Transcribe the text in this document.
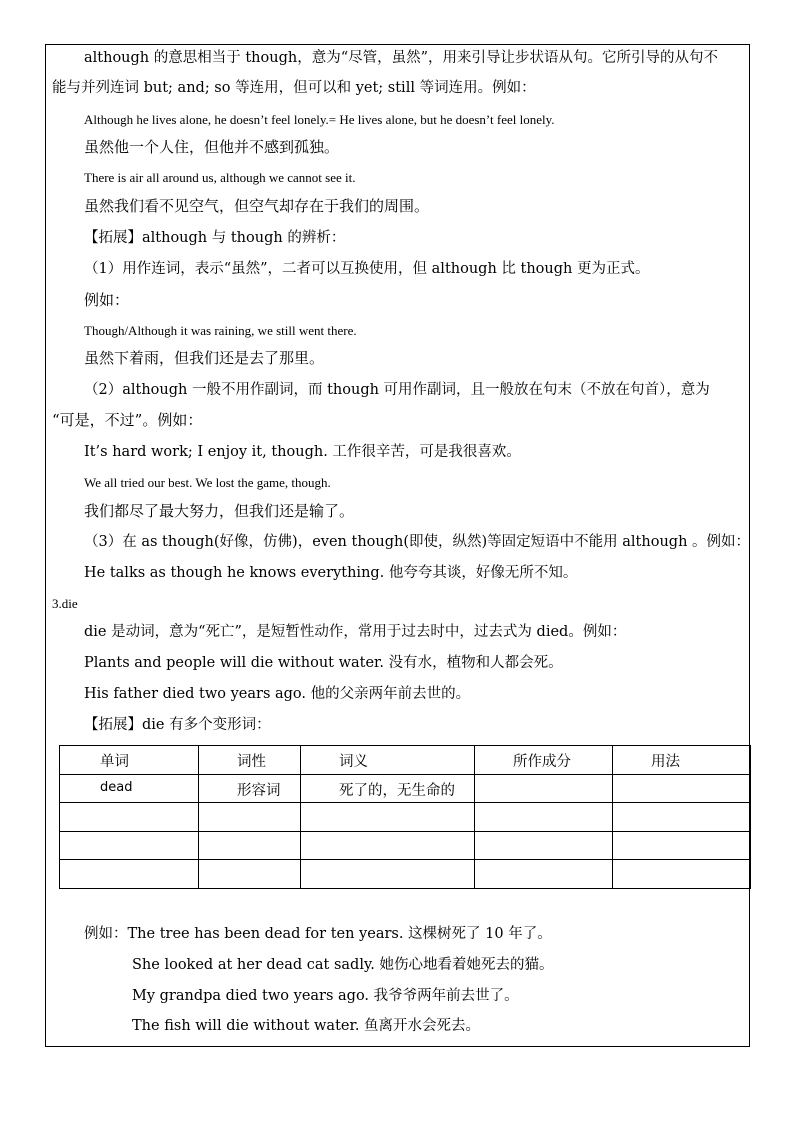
although 的意思相当于 though，意为“尽管，虽然”，用来引导让步状语从句。它所引导的从句不
能与并列连词 but; and; so 等连用，但可以和 yet; still 等词连用。例如：
Although he lives alone, he doesn’t feel lonely.= He lives alone, but he doesn’t feel lonely.
虽然他一个人住，但他并不感到孤独。
There is air all around us, although we cannot see it.
虽然我们看不见空气，但空气却存在于我们的周围。
【拓展】although 与 though 的辨析：
（1）用作连词，表示“虽然”，二者可以互换使用，但 although 比 though 更为正式。
例如：
Though/Although it was raining, we still went there.
虽然下着雨，但我们还是去了那里。
（2）although 一般不用作副词，而 though 可用作副词，且一般放在句末（不放在句首），意为
“可是，不过”。例如：
It’s hard work; I enjoy it, though. 工作很辛苦，可是我很喜欢。
We all tried our best. We lost the game, though.
我们都尽了最大努力，但我们还是输了。
（3）在 as though(好像，仿佛)，even though(即使，纵然)等固定短语中不能用 although 。例如：
He talks as though he knows everything. 他夸夸其谈，好像无所不知。
3.die
die 是动词，意为“死亡”，是短暂性动作，常用于过去时中，过去式为 died。例如：
Plants and people will die without water. 没有水，植物和人都会死。
His father died two years ago. 他的父亲两年前去世的。
【拓展】die 有多个变形词：
单词	词性	词义	所作成分	用法
dead	形容词	死了的，无生命的		

例如：The tree has been dead for ten years. 这棵树死了 10 年了。
She looked at her dead cat sadly. 她伤心地看着她死去的猫。
My grandpa died two years ago. 我爷爷两年前去世了。
The fish will die without water. 鱼离开水会死去。
